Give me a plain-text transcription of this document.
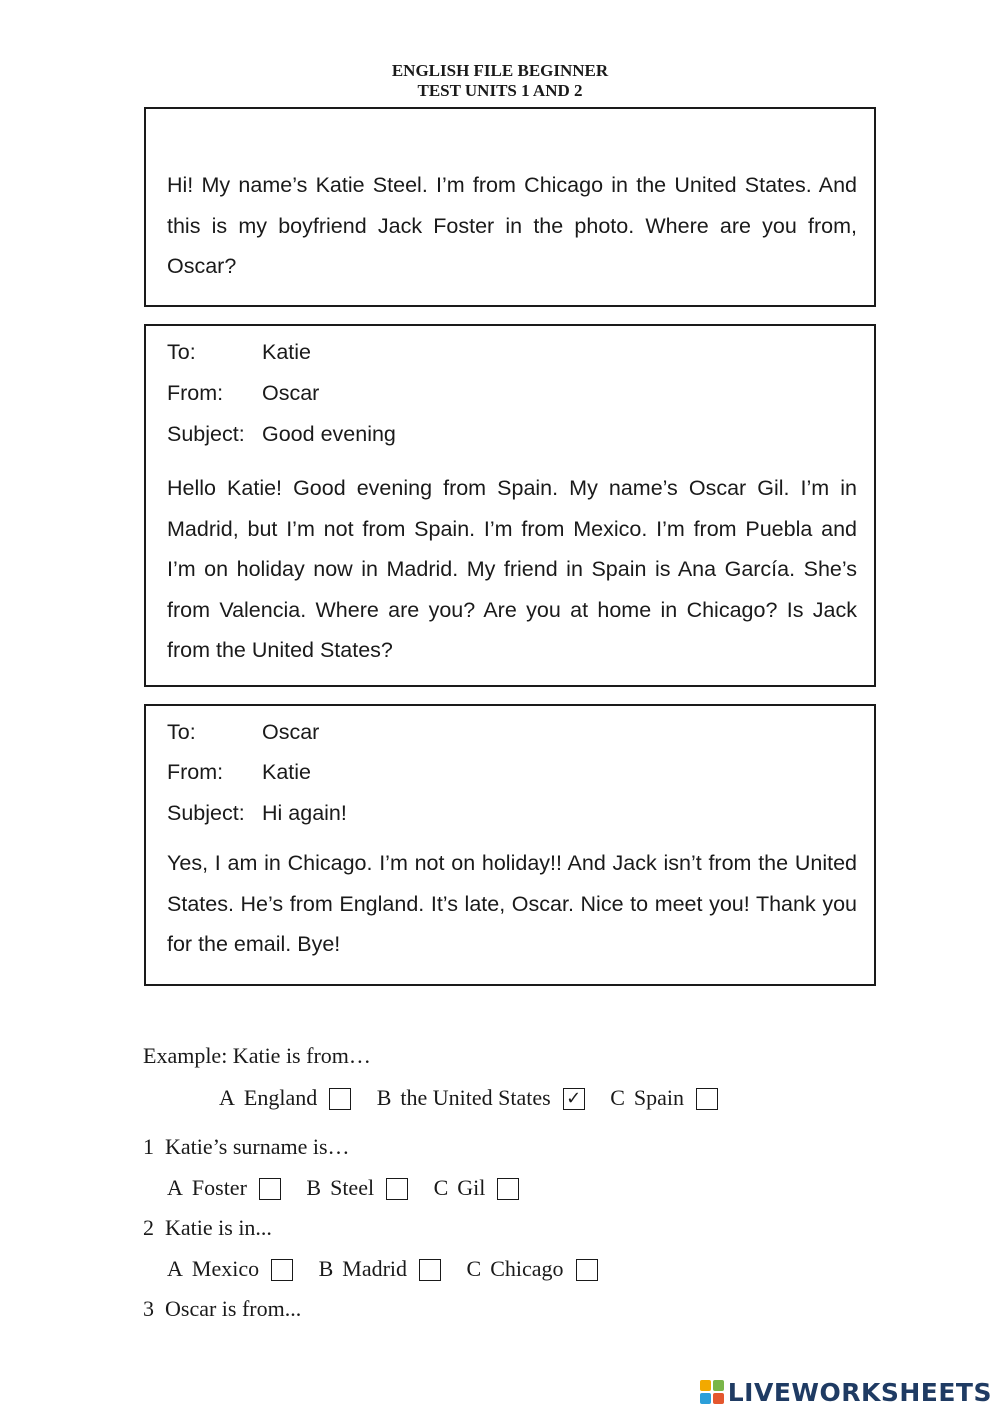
ENGLISH FILE BEGINNER
TEST UNITS 1 AND 2

Hi! My name’s Katie Steel. I’m from Chicago in the United States. And this is my boyfriend Jack Foster in the photo. Where are you from, Oscar?

To:	Katie
From: Oscar
Subject: Good evening

Hello Katie! Good evening from Spain. My name’s Oscar Gil. I’m in Madrid, but I’m not from Spain. I’m from Mexico. I’m from Puebla and I’m on holiday now in Madrid. My friend in Spain is Ana García. She’s from Valencia. Where are you? Are you at home in Chicago? Is Jack from the United States?

To:	Oscar
From: Katie
Subject: Hi again!

Yes, I am in Chicago. I’m not on holiday!! And Jack isn’t from the United States. He’s from England. It’s late, Oscar. Nice to meet you! Thank you for the email. Bye!

Example: Katie is from…
A England
	B the United States ✓
C Spain
1 Katie’s surname is…
A Foster
	B Steel
	C Gil
2 Katie is in...
A Mexico
	B Madrid
	C Chicago
3 Oscar is from...
LIVEWORKSHEETS
